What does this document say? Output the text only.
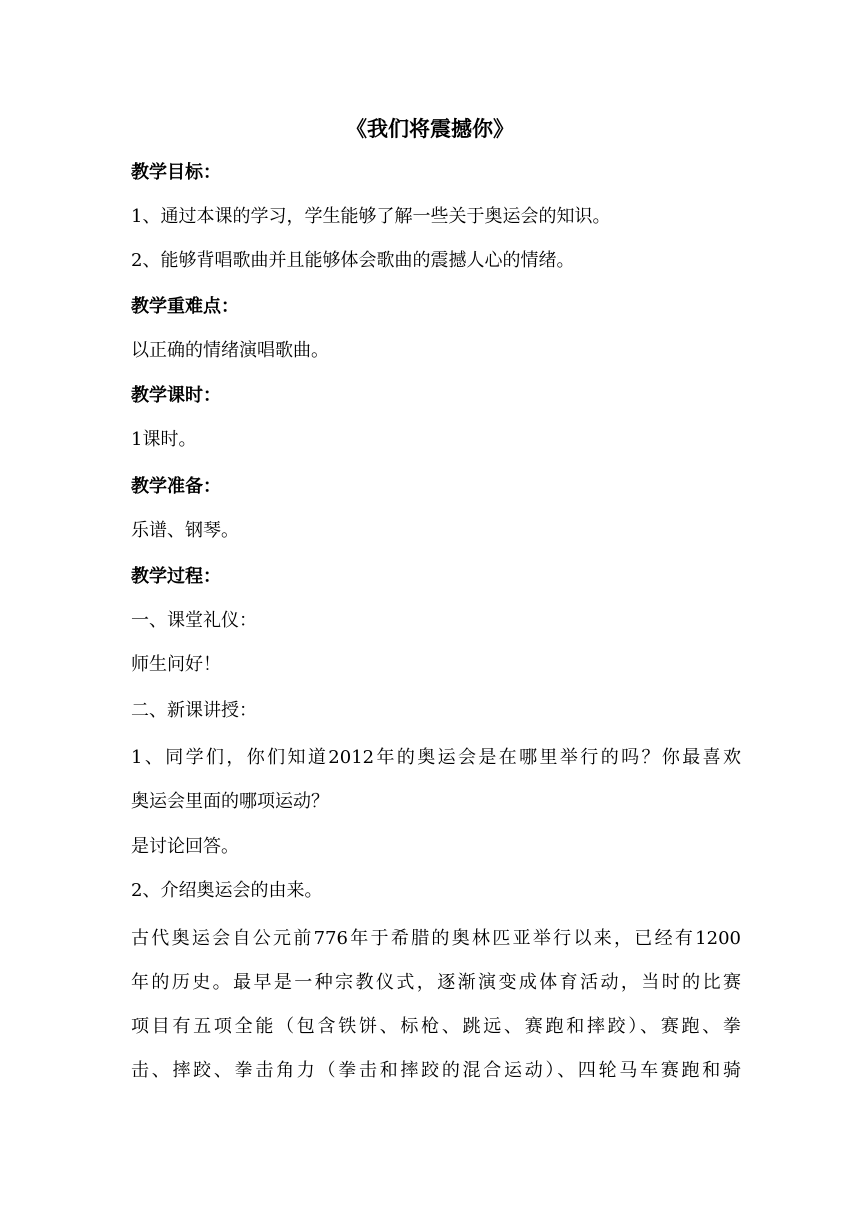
《我们将震撼你》
教学目标：
1、通过本课的学习，学生能够了解一些关于奥运会的知识。
2、能够背唱歌曲并且能够体会歌曲的震撼人心的情绪。
教学重难点：
以正确的情绪演唱歌曲。
教学课时：
1课时。
教学准备：
乐谱、钢琴。
教学过程：
一、课堂礼仪：
师生问好！
二、新课讲授：
1、同学们，你们知道2012年的奥运会是在哪里举行的吗？你最喜欢
奥运会里面的哪项运动？
是讨论回答。
2、介绍奥运会的由来。
古代奥运会自公元前776年于希腊的奥林匹亚举行以来，已经有1200
年的历史。最早是一种宗教仪式，逐渐演变成体育活动，当时的比赛
项目有五项全能（包含铁饼、标枪、跳远、赛跑和摔跤）、赛跑、拳
击、摔跤、拳击角力（拳击和摔跤的混合运动）、四轮马车赛跑和骑
